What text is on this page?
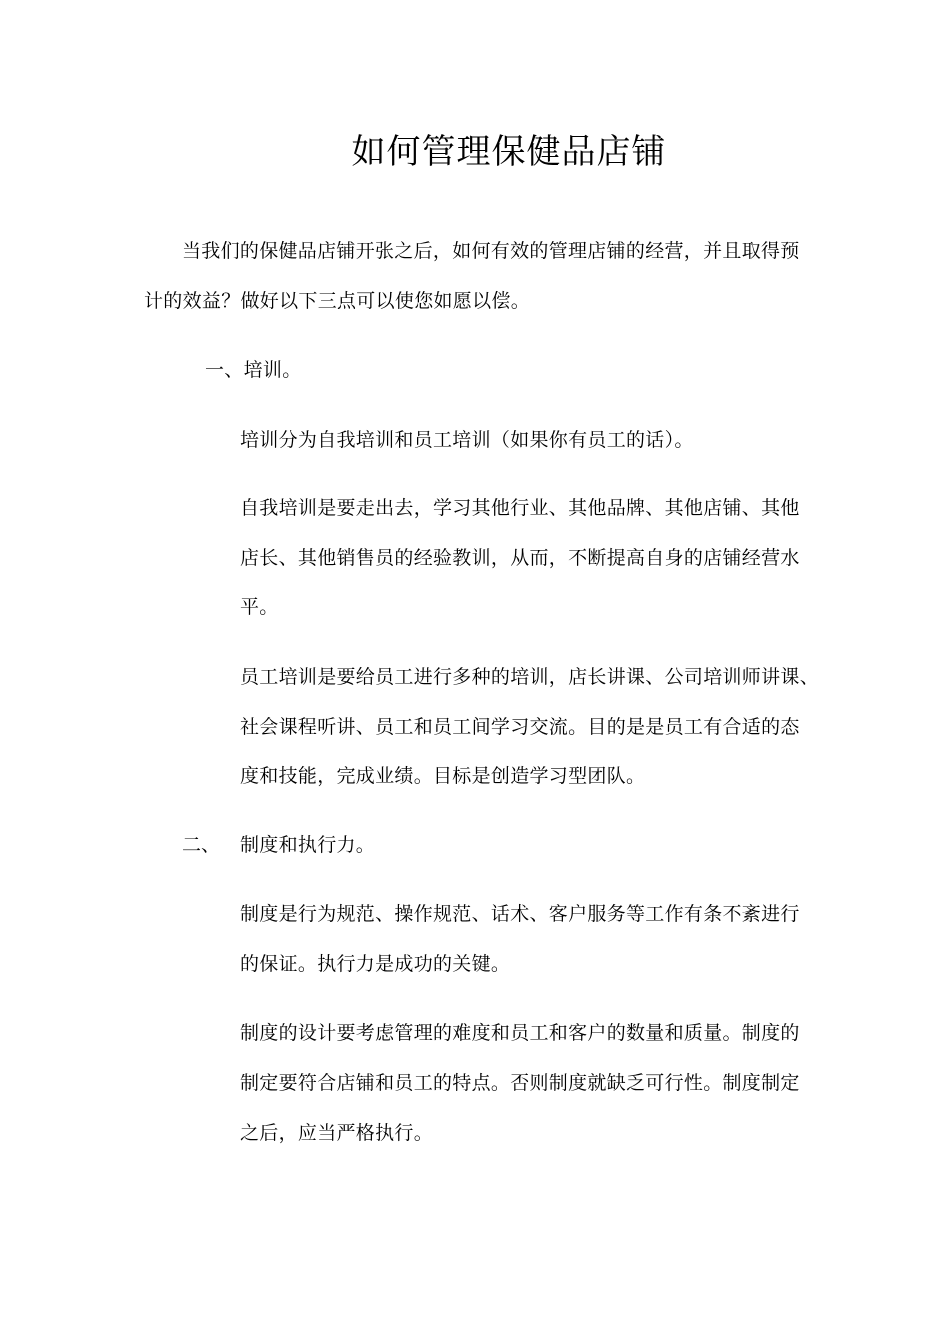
如何管理保健品店铺
当我们的保健品店铺开张之后，如何有效的管理店铺的经营，并且取得预
计的效益？做好以下三点可以使您如愿以偿。
一、培训。
培训分为自我培训和员工培训（如果你有员工的话）。
自我培训是要走出去，学习其他行业、其他品牌、其他店铺、其他
店长、其他销售员的经验教训，从而，不断提高自身的店铺经营水
平。
员工培训是要给员工进行多种的培训，店长讲课、公司培训师讲课、
社会课程听讲、员工和员工间学习交流。目的是是员工有合适的态
度和技能，完成业绩。目标是创造学习型团队。
二、 制度和执行力。
制度是行为规范、操作规范、话术、客户服务等工作有条不紊进行
的保证。执行力是成功的关键。
制度的设计要考虑管理的难度和员工和客户的数量和质量。制度的
制定要符合店铺和员工的特点。否则制度就缺乏可行性。制度制定
之后，应当严格执行。
